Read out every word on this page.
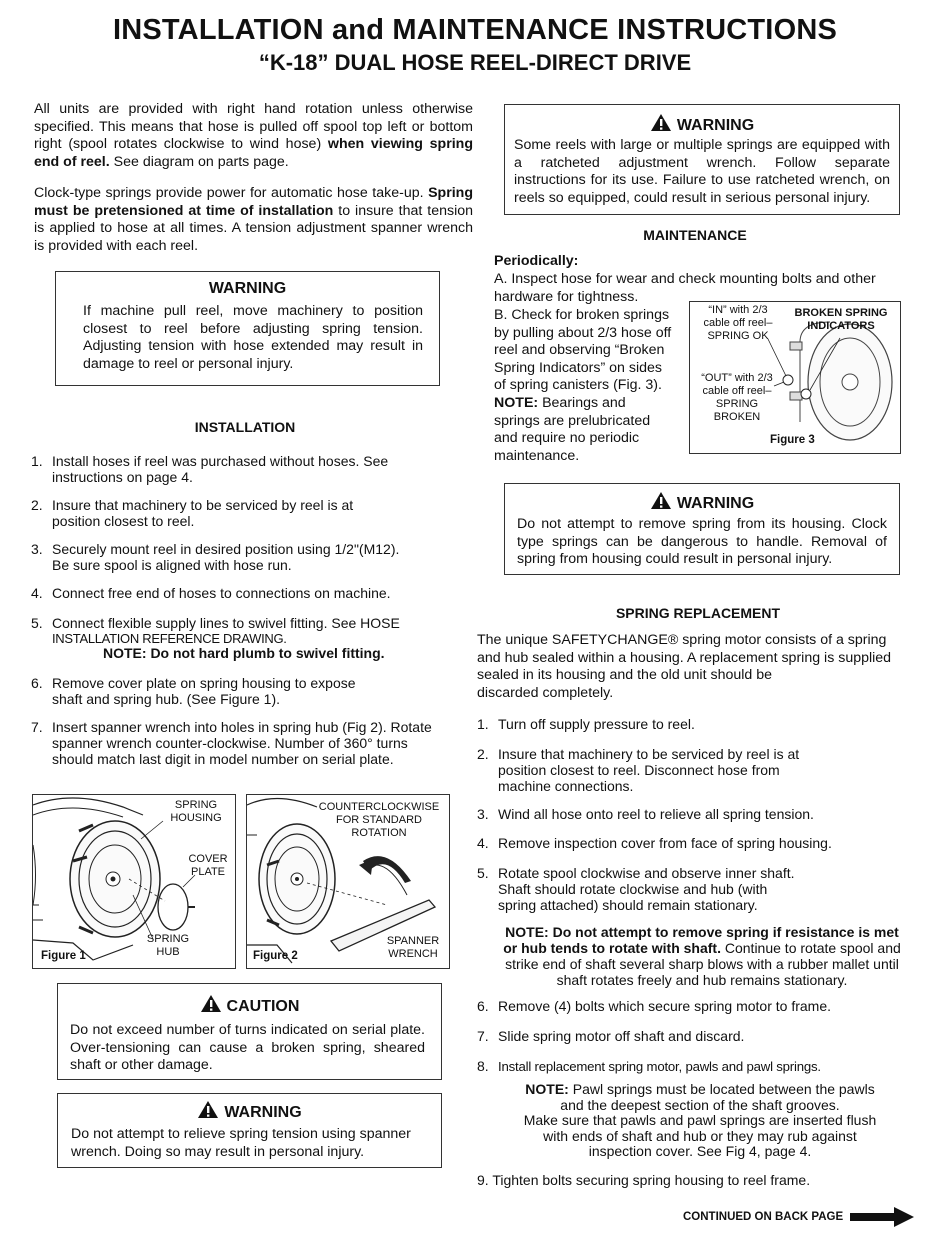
INSTALLATION and MAINTENANCE INSTRUCTIONS
“K-18” DUAL HOSE REEL-DIRECT DRIVE
All units are provided with right hand rotation unless otherwise specified. This means that hose is pulled off spool top left or bottom right (spool rotates clockwise to wind hose) when viewing spring end of reel. See diagram on parts page.
Clock-type springs provide power for automatic hose take-up. Spring must be pretensioned at time of installation to insure that tension is applied to hose at all times. A tension adjustment spanner wrench is provided with each reel.
WARNING
If machine pull reel, move machinery to position closest to reel before adjusting spring tension. Adjusting tension with hose extended may result in damage to reel or personal injury.
INSTALLATION
1. Install hoses if reel was purchased without hoses. See
instructions on page 4.
2. Insure that machinery to be serviced by reel is at
position closest to reel.
3. Securely mount reel in desired position using 1/2"(M12).
Be sure spool is aligned with hose run.
4. Connect free end of hoses to connections on machine.
5. Connect flexible supply lines to swivel fitting. See HOSE
INSTALLATION REFERENCE DRAWING.
NOTE: Do not hard plumb to swivel fitting.
6. Remove cover plate on spring housing to expose
shaft and spring hub. (See Figure 1).
7. Insert spanner wrench into holes in spring hub (Fig 2). Rotate
spanner wrench counter-clockwise. Number of 360° turns
should match last digit in model number on serial plate.
SPRING
HOUSING
COVER
PLATE
SPRING
HUB
Figure 1
COUNTERCLOCKWISE
FOR STANDARD
ROTATION
SPANNER
WRENCH
Figure 2
CAUTION
Do not exceed number of turns indicated on serial plate. Over-tensioning can cause a broken spring, sheared shaft or other damage.
WARNING
Do not attempt to relieve spring tension using spanner wrench. Doing so may result in personal injury.
WARNING
Some reels with large or multiple springs are equipped with a ratcheted adjustment wrench. Follow separate instructions for its use. Failure to use ratcheted wrench, on reels so equipped, could result in serious personal injury.
MAINTENANCE
Periodically:
A. Inspect hose for wear and check mounting bolts and other
hardware for tightness.
B. Check for broken springs
by pulling about 2/3 hose off
reel and observing “Broken
Spring Indicators” on sides
of spring canisters (Fig. 3).
NOTE: Bearings and
springs are prelubricated
and require no periodic
maintenance.
“IN” with 2/3
cable off reel–
SPRING OK
BROKEN SPRING
INDICATORS
“OUT” with 2/3
cable off reel–
SPRING
BROKEN
Figure 3
WARNING
Do not attempt to remove spring from its housing. Clock type springs can be dangerous to handle. Removal of spring from housing could result in personal injury.
SPRING REPLACEMENT
The unique SAFETYCHANGE® spring motor consists of a spring
and hub sealed within a housing. A replacement spring is supplied
sealed in its housing and the old unit should be
discarded completely.
1. Turn off supply pressure to reel.
2. Insure that machinery to be serviced by reel is at
position closest to reel. Disconnect hose from
machine connections.
3. Wind all hose onto reel to relieve all spring tension.
4. Remove inspection cover from face of spring housing.
5. Rotate spool clockwise and observe inner shaft.
Shaft should rotate clockwise and hub (with
spring attached) should remain stationary.
NOTE: Do not attempt to remove spring if resistance is met
or hub tends to rotate with shaft. Continue to rotate spool and
strike end of shaft several sharp blows with a rubber mallet until
shaft rotates freely and hub remains stationary.
6. Remove (4) bolts which secure spring motor to frame.
7. Slide spring motor off shaft and discard.
8. Install replacement spring motor, pawls and pawl springs.
NOTE: Pawl springs must be located between the pawls
and the deepest section of the shaft grooves.
Make sure that pawls and pawl springs are inserted flush
with ends of shaft and hub or they may rub against
inspection cover. See Fig 4, page 4.
9. Tighten bolts securing spring housing to reel frame.
CONTINUED ON BACK PAGE
